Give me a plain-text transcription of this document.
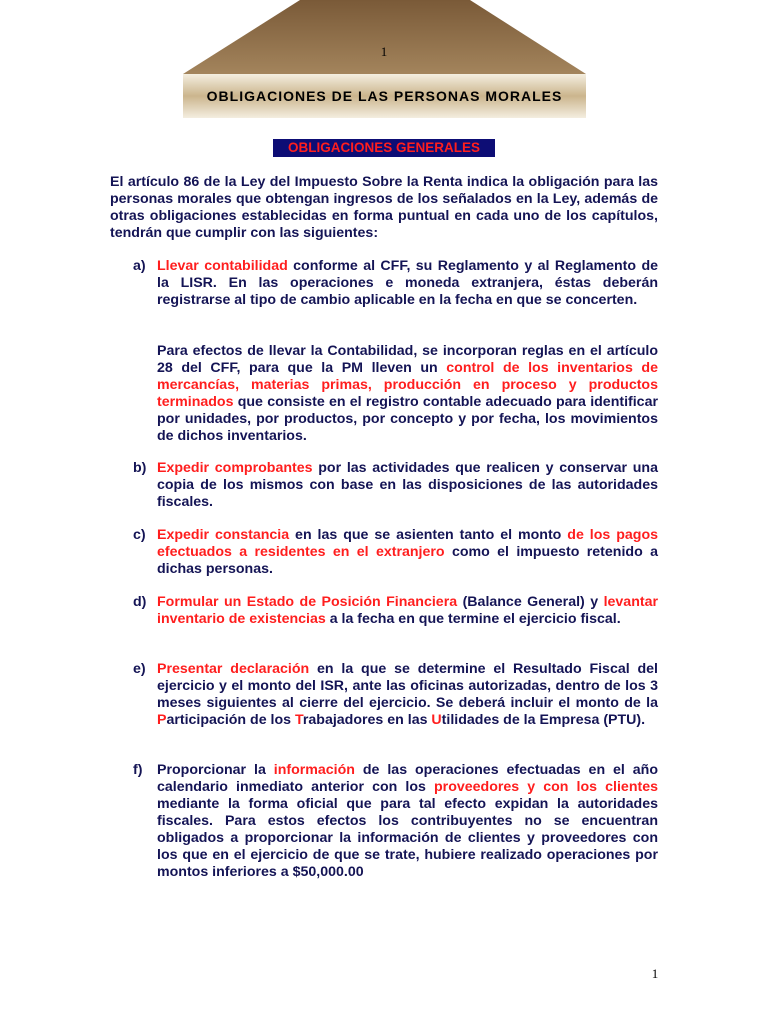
1
OBLIGACIONES DE LAS PERSONAS MORALES
OBLIGACIONES GENERALES

El artículo 86 de la Ley del Impuesto Sobre la Renta indica la obligación para las personas morales que obtengan ingresos de los señalados en la Ley, además de otras obligaciones establecidas en forma puntual en cada uno de los capítulos, tendrán que cumplir con las siguientes:

a) Llevar contabilidad conforme al CFF, su Reglamento y al Reglamento de la LISR. En las operaciones e moneda extranjera, éstas deberán registrarse al tipo de cambio aplicable en la fecha en que se concerten.

Para efectos de llevar la Contabilidad, se incorporan reglas en el artículo 28 del CFF, para que la PM lleven un control de los inventarios de mercancías, materias primas, producción en proceso y productos terminados que consiste en el registro contable adecuado para identificar por unidades, por productos, por concepto y por fecha, los movimientos de dichos inventarios.

b) Expedir comprobantes por las actividades que realicen y conservar una copia de los mismos con base en las disposiciones de las autoridades fiscales.
c) Expedir constancia en las que se asienten tanto el monto de los pagos efectuados a residentes en el extranjero como el impuesto retenido a dichas personas.
d) Formular un Estado de Posición Financiera (Balance General) y levantar inventario de existencias a la fecha en que termine el ejercicio fiscal.
e) Presentar declaración en la que se determine el Resultado Fiscal del ejercicio y el monto del ISR, ante las oficinas autorizadas, dentro de los 3 meses siguientes al cierre del ejercicio. Se deberá incluir el monto de la Participación de los Trabajadores en las Utilidades de la Empresa (PTU).
f) Proporcionar la información de las operaciones efectuadas en el año calendario inmediato anterior con los proveedores y con los clientes mediante la forma oficial que para tal efecto expidan la autoridades fiscales. Para estos efectos los contribuyentes no se encuentran obligados a proporcionar la información de clientes y proveedores con los que en el ejercicio de que se trate, hubiere realizado operaciones por montos inferiores a $50,000.00
1
